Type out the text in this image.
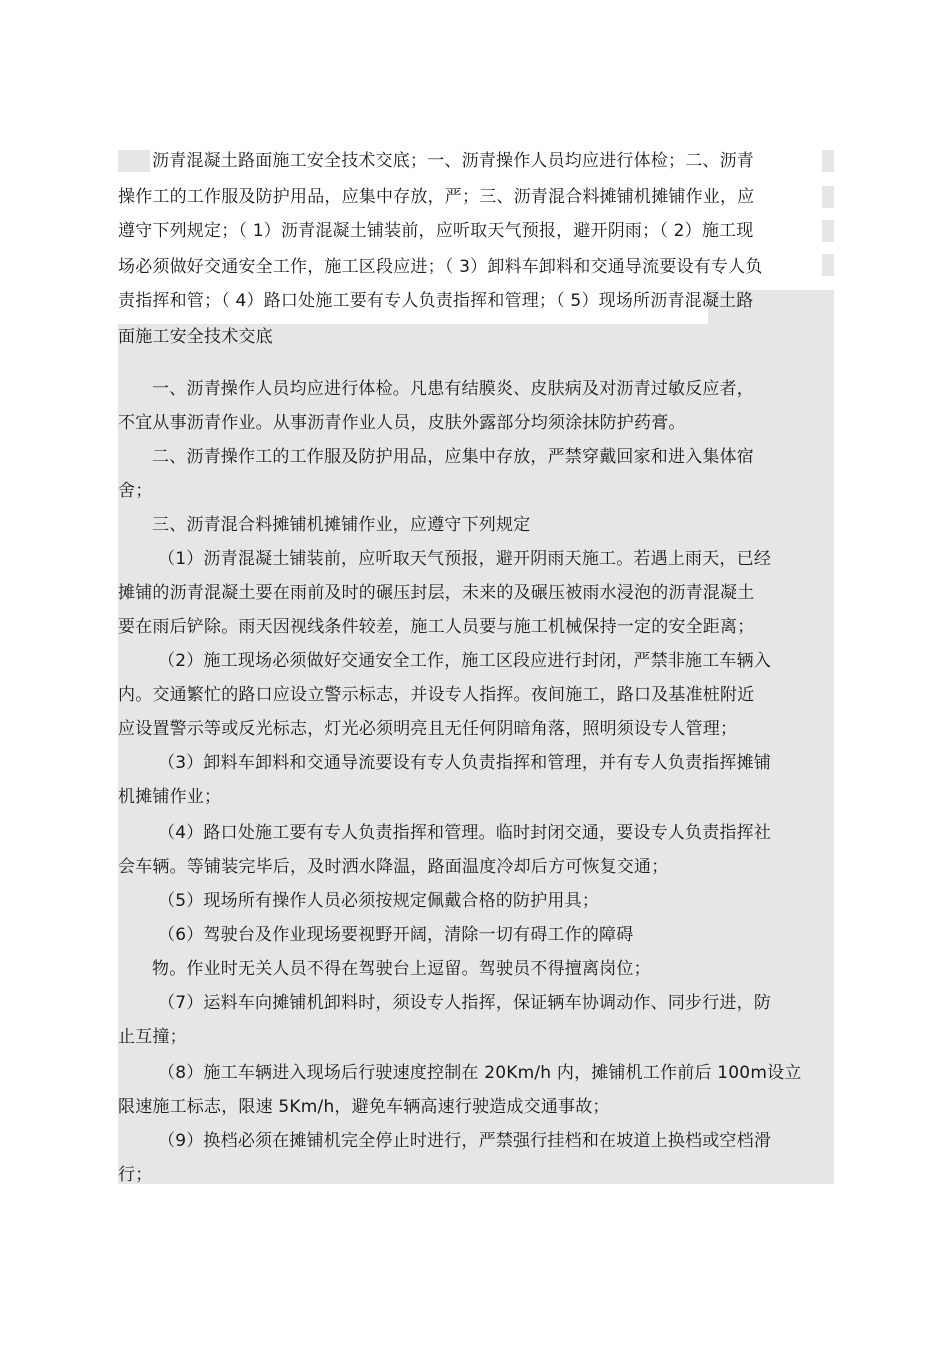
沥青混凝土路面施工安全技术交底；一、沥青操作人员均应进行体检；二、沥青
操作工的工作服及防护用品，应集中存放，严；三、沥青混合料摊铺机摊铺作业，应
遵守下列规定；（ 1）沥青混凝土铺装前，应听取天气预报，避开阴雨；（ 2）施工现
场必须做好交通安全工作，施工区段应进；（ 3）卸料车卸料和交通导流要设有专人负
责指挥和管；（ 4）路口处施工要有专人负责指挥和管理；（ 5）现场所沥青混凝土路
面施工安全技术交底
一、沥青操作人员均应进行体检。凡患有结膜炎、皮肤病及对沥青过敏反应者，
不宜从事沥青作业。从事沥青作业人员，皮肤外露部分均须涂抹防护药膏。
二、沥青操作工的工作服及防护用品，应集中存放，严禁穿戴回家和进入集体宿
舍；
三、沥青混合料摊铺机摊铺作业，应遵守下列规定
（1）沥青混凝土铺装前，应听取天气预报，避开阴雨天施工。若遇上雨天，已经
摊铺的沥青混凝土要在雨前及时的碾压封层，未来的及碾压被雨水浸泡的沥青混凝土
要在雨后铲除。雨天因视线条件较差，施工人员要与施工机械保持一定的安全距离；
（2）施工现场必须做好交通安全工作，施工区段应进行封闭，严禁非施工车辆入
内。交通繁忙的路口应设立警示标志，并设专人指挥。夜间施工，路口及基准桩附近
应设置警示等或反光标志，灯光必须明亮且无任何阴暗角落，照明须设专人管理；
（3）卸料车卸料和交通导流要设有专人负责指挥和管理，并有专人负责指挥摊铺
机摊铺作业；
（4）路口处施工要有专人负责指挥和管理。临时封闭交通，要设专人负责指挥社
会车辆。等铺装完毕后，及时洒水降温，路面温度冷却后方可恢复交通；
（5）现场所有操作人员必须按规定佩戴合格的防护用具；
（6）驾驶台及作业现场要视野开阔，清除一切有碍工作的障碍
物。作业时无关人员不得在驾驶台上逗留。驾驶员不得擅离岗位；
（7）运料车向摊铺机卸料时，须设专人指挥，保证辆车协调动作、同步行进，防
止互撞；
（8）施工车辆进入现场后行驶速度控制在 20Km/h 内，摊铺机工作前后 100m设立
限速施工标志，限速 5Km/h，避免车辆高速行驶造成交通事故；
（9）换档必须在摊铺机完全停止时进行，严禁强行挂档和在坡道上换档或空档滑
行；
